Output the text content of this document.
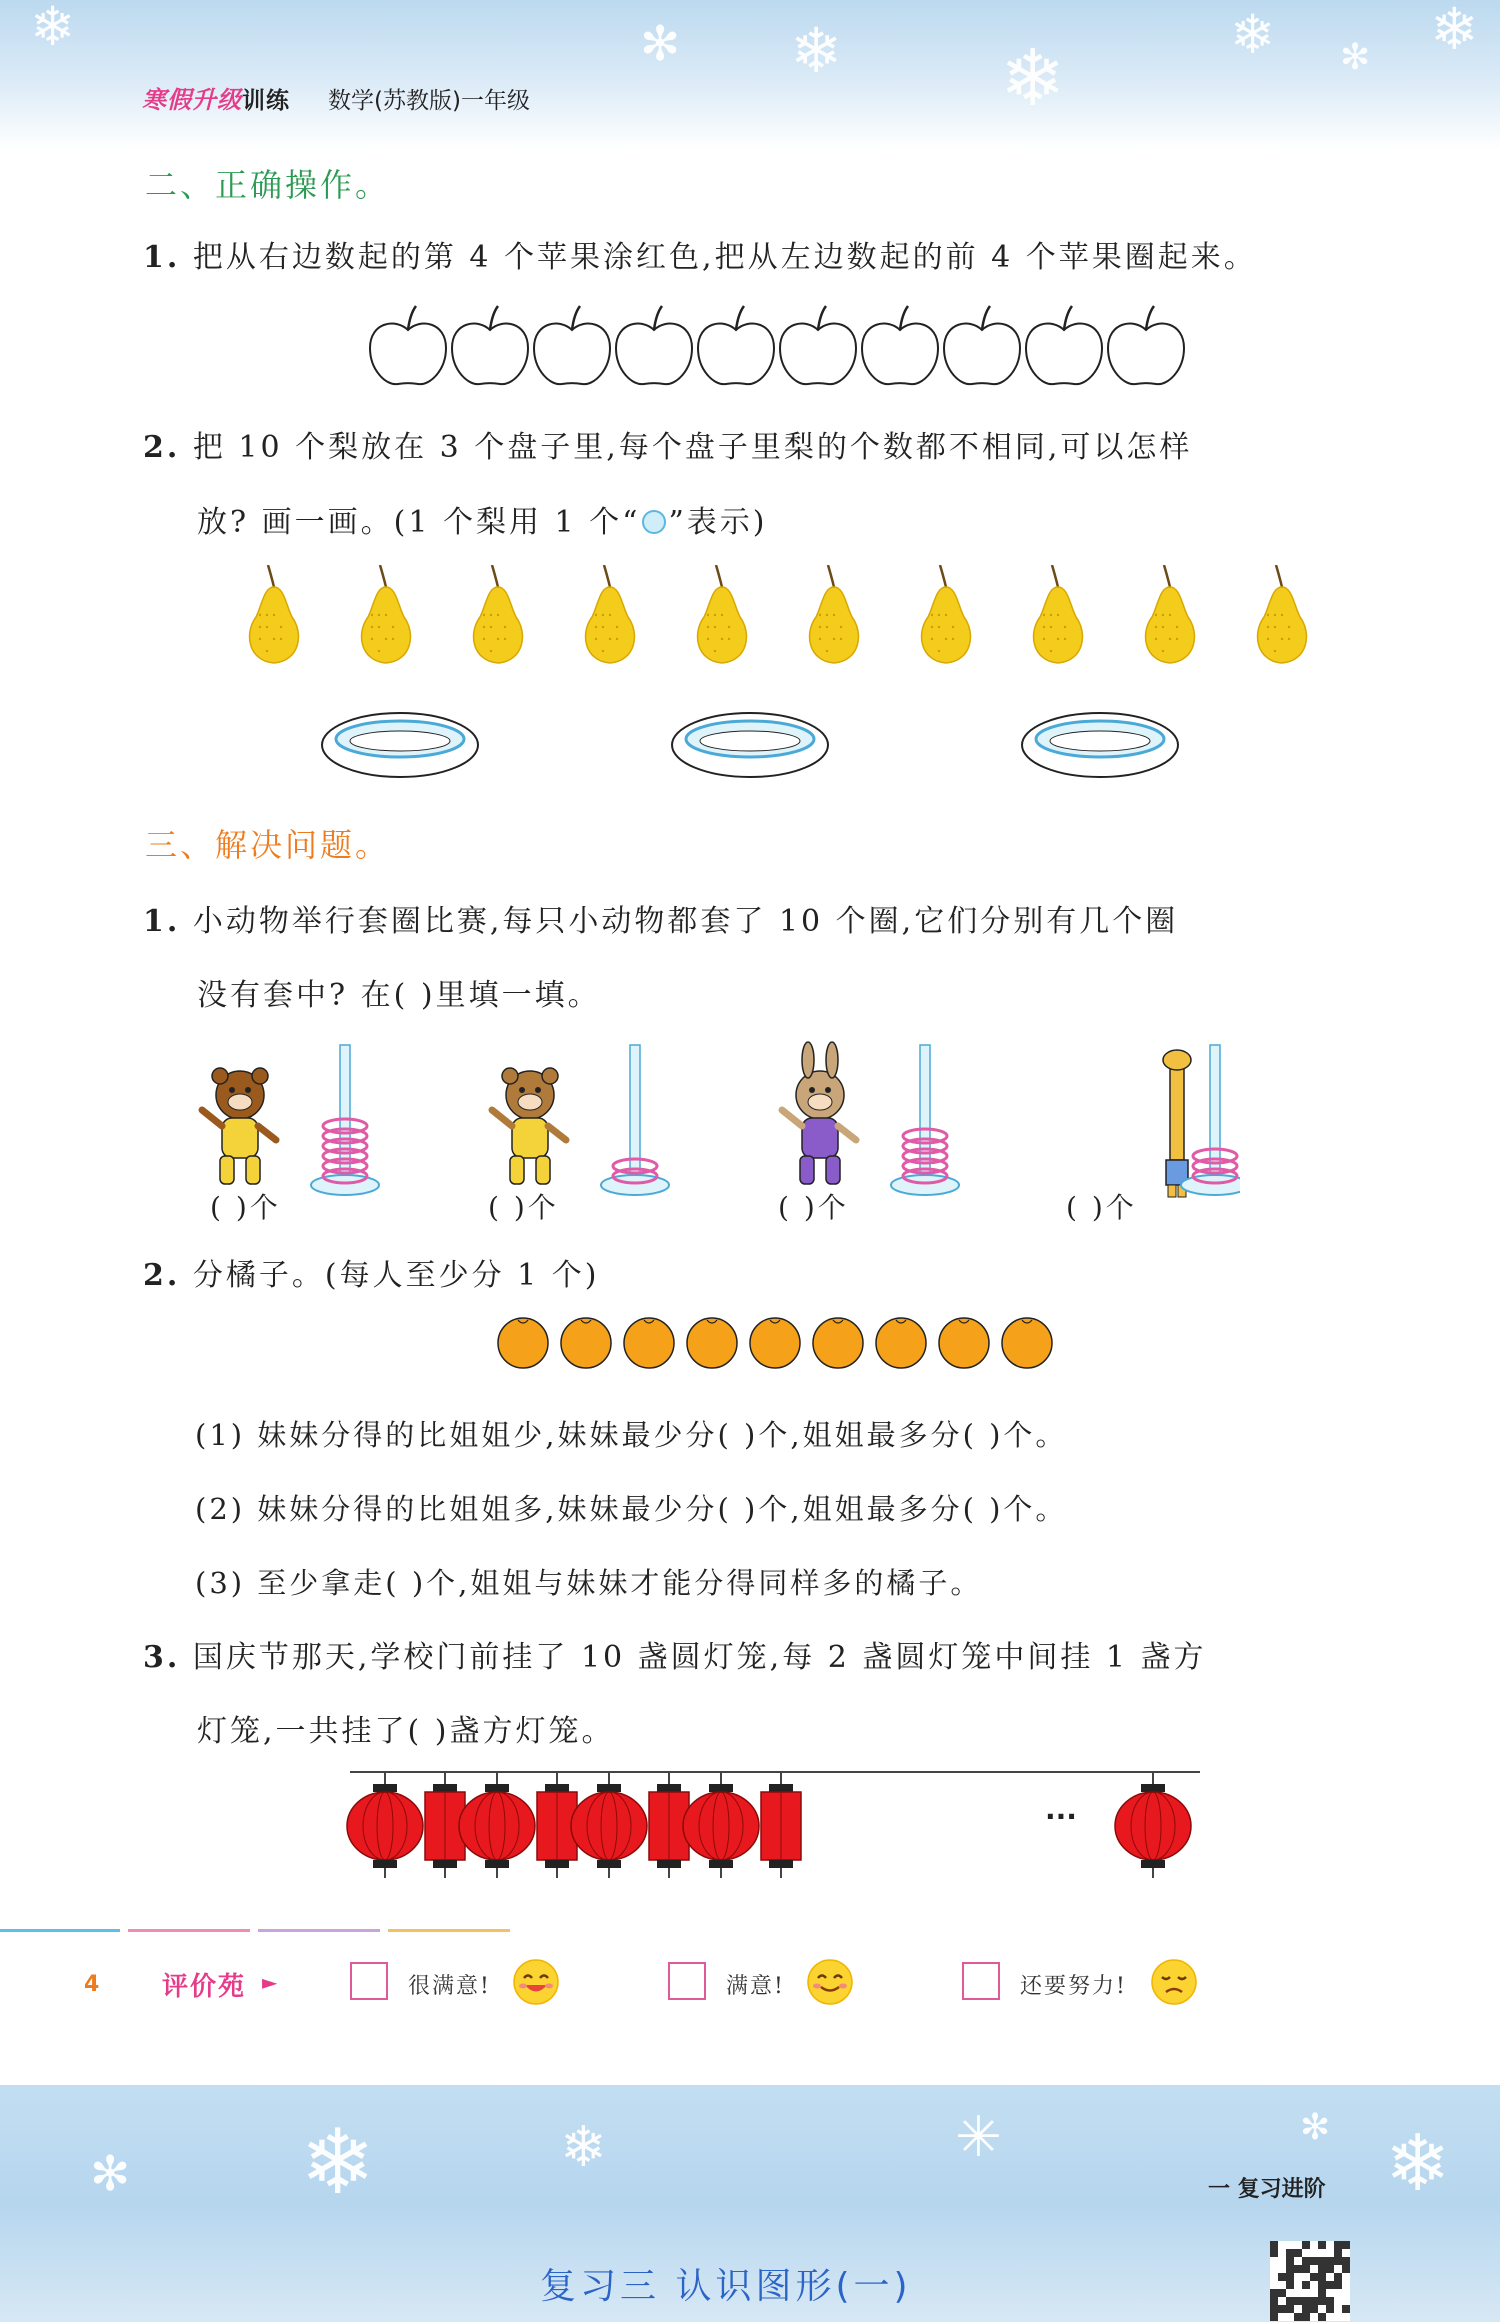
❄	✻ ❄ ❄	❄ ✻ ❄
✻ ❄	❄	✳	✻ ❄
寒假升级训练 数学(苏教版)一年级
二、正确操作。
1. 把从右边数起的第 4 个苹果涂红色,把从左边数起的前 4 个苹果圈起来。
2. 把 10 个梨放在 3 个盘子里,每个盘子里梨的个数都不相同,可以怎样
放? 画一画。(1 个梨用 1 个“ ”表示)
三、解决问题。
1. 小动物举行套圈比赛,每只小动物都套了 10 个圈,它们分别有几个圈
没有套中? 在( )里填一填。
( )个	( )个	( )个	( )个
2. 分橘子。(每人至少分 1 个)
(1) 妹妹分得的比姐姐少,妹妹最少分( )个,姐姐最多分( )个。
(2) 妹妹分得的比姐姐多,妹妹最少分( )个,姐姐最多分( )个。
(3) 至少拿走( )个,姐姐与妹妹才能分得同样多的橘子。
3. 国庆节那天,学校门前挂了 10 盏圆灯笼,每 2 盏圆灯笼中间挂 1 盏方
灯笼,一共挂了( )盏方灯笼。
···
4 评价苑 ►	很满意!	满意!	还要努力!
一 复习进阶
复习三 认识图形(一)
